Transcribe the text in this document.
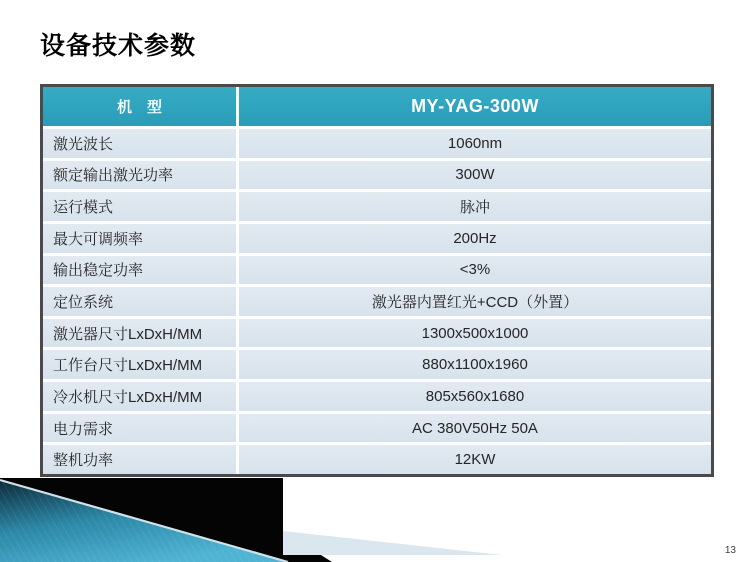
设备技术参数
机　型	MY-YAG-300W
激光波长	1060nm
额定输出激光功率	300W
运行模式	脉冲
最大可调频率	200Hz
输出稳定功率	<3%
定位系统	激光器内置红光+CCD（外置）
激光器尺寸LxDxH/MM	1300x500x1000
工作台尺寸LxDxH/MM	880x1100x1960
冷水机尺寸LxDxH/MM	805x560x1680
电力需求	AC 380V50Hz 50A
整机功率	12KW
13
